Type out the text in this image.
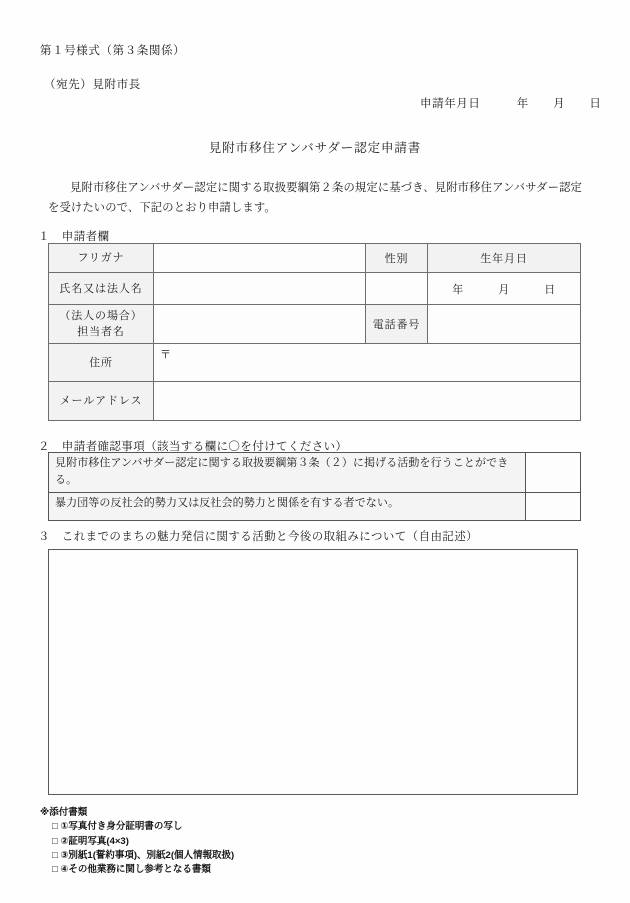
第１号様式（第３条関係）
（宛先）見附市長
申請年月日　　　年　　月　　日
見附市移住アンバサダー認定申請書
見附市移住アンバサダー認定に関する取扱要綱第２条の規定に基づき、見附市移住アンバサダー認定を受けたいので、下記のとおり申請します。
１　申請者欄
フリガナ		性別	生年月日
氏名又は法人名			年　　　月　　　日

（法人の場合）
担当者名		電話番号	
住所	〒		

メールアドレス			
２　申請者確認事項（該当する欄に〇を付けてください）
見附市移住アンバサダー認定に関する取扱要綱第３条（２）に掲げる活動を行うことができる。	
暴力団等の反社会的勢力又は反社会的勢力と関係を有する者でない。	
３　これまでのまちの魅力発信に関する活動と今後の取組みについて（自由記述）
※添付書類
□ ①写真付き身分証明書の写し
□ ②証明写真(4×3)
□ ③別紙1(誓約事項)、別紙2(個人情報取扱)
□ ④その他業務に関し参考となる書類
